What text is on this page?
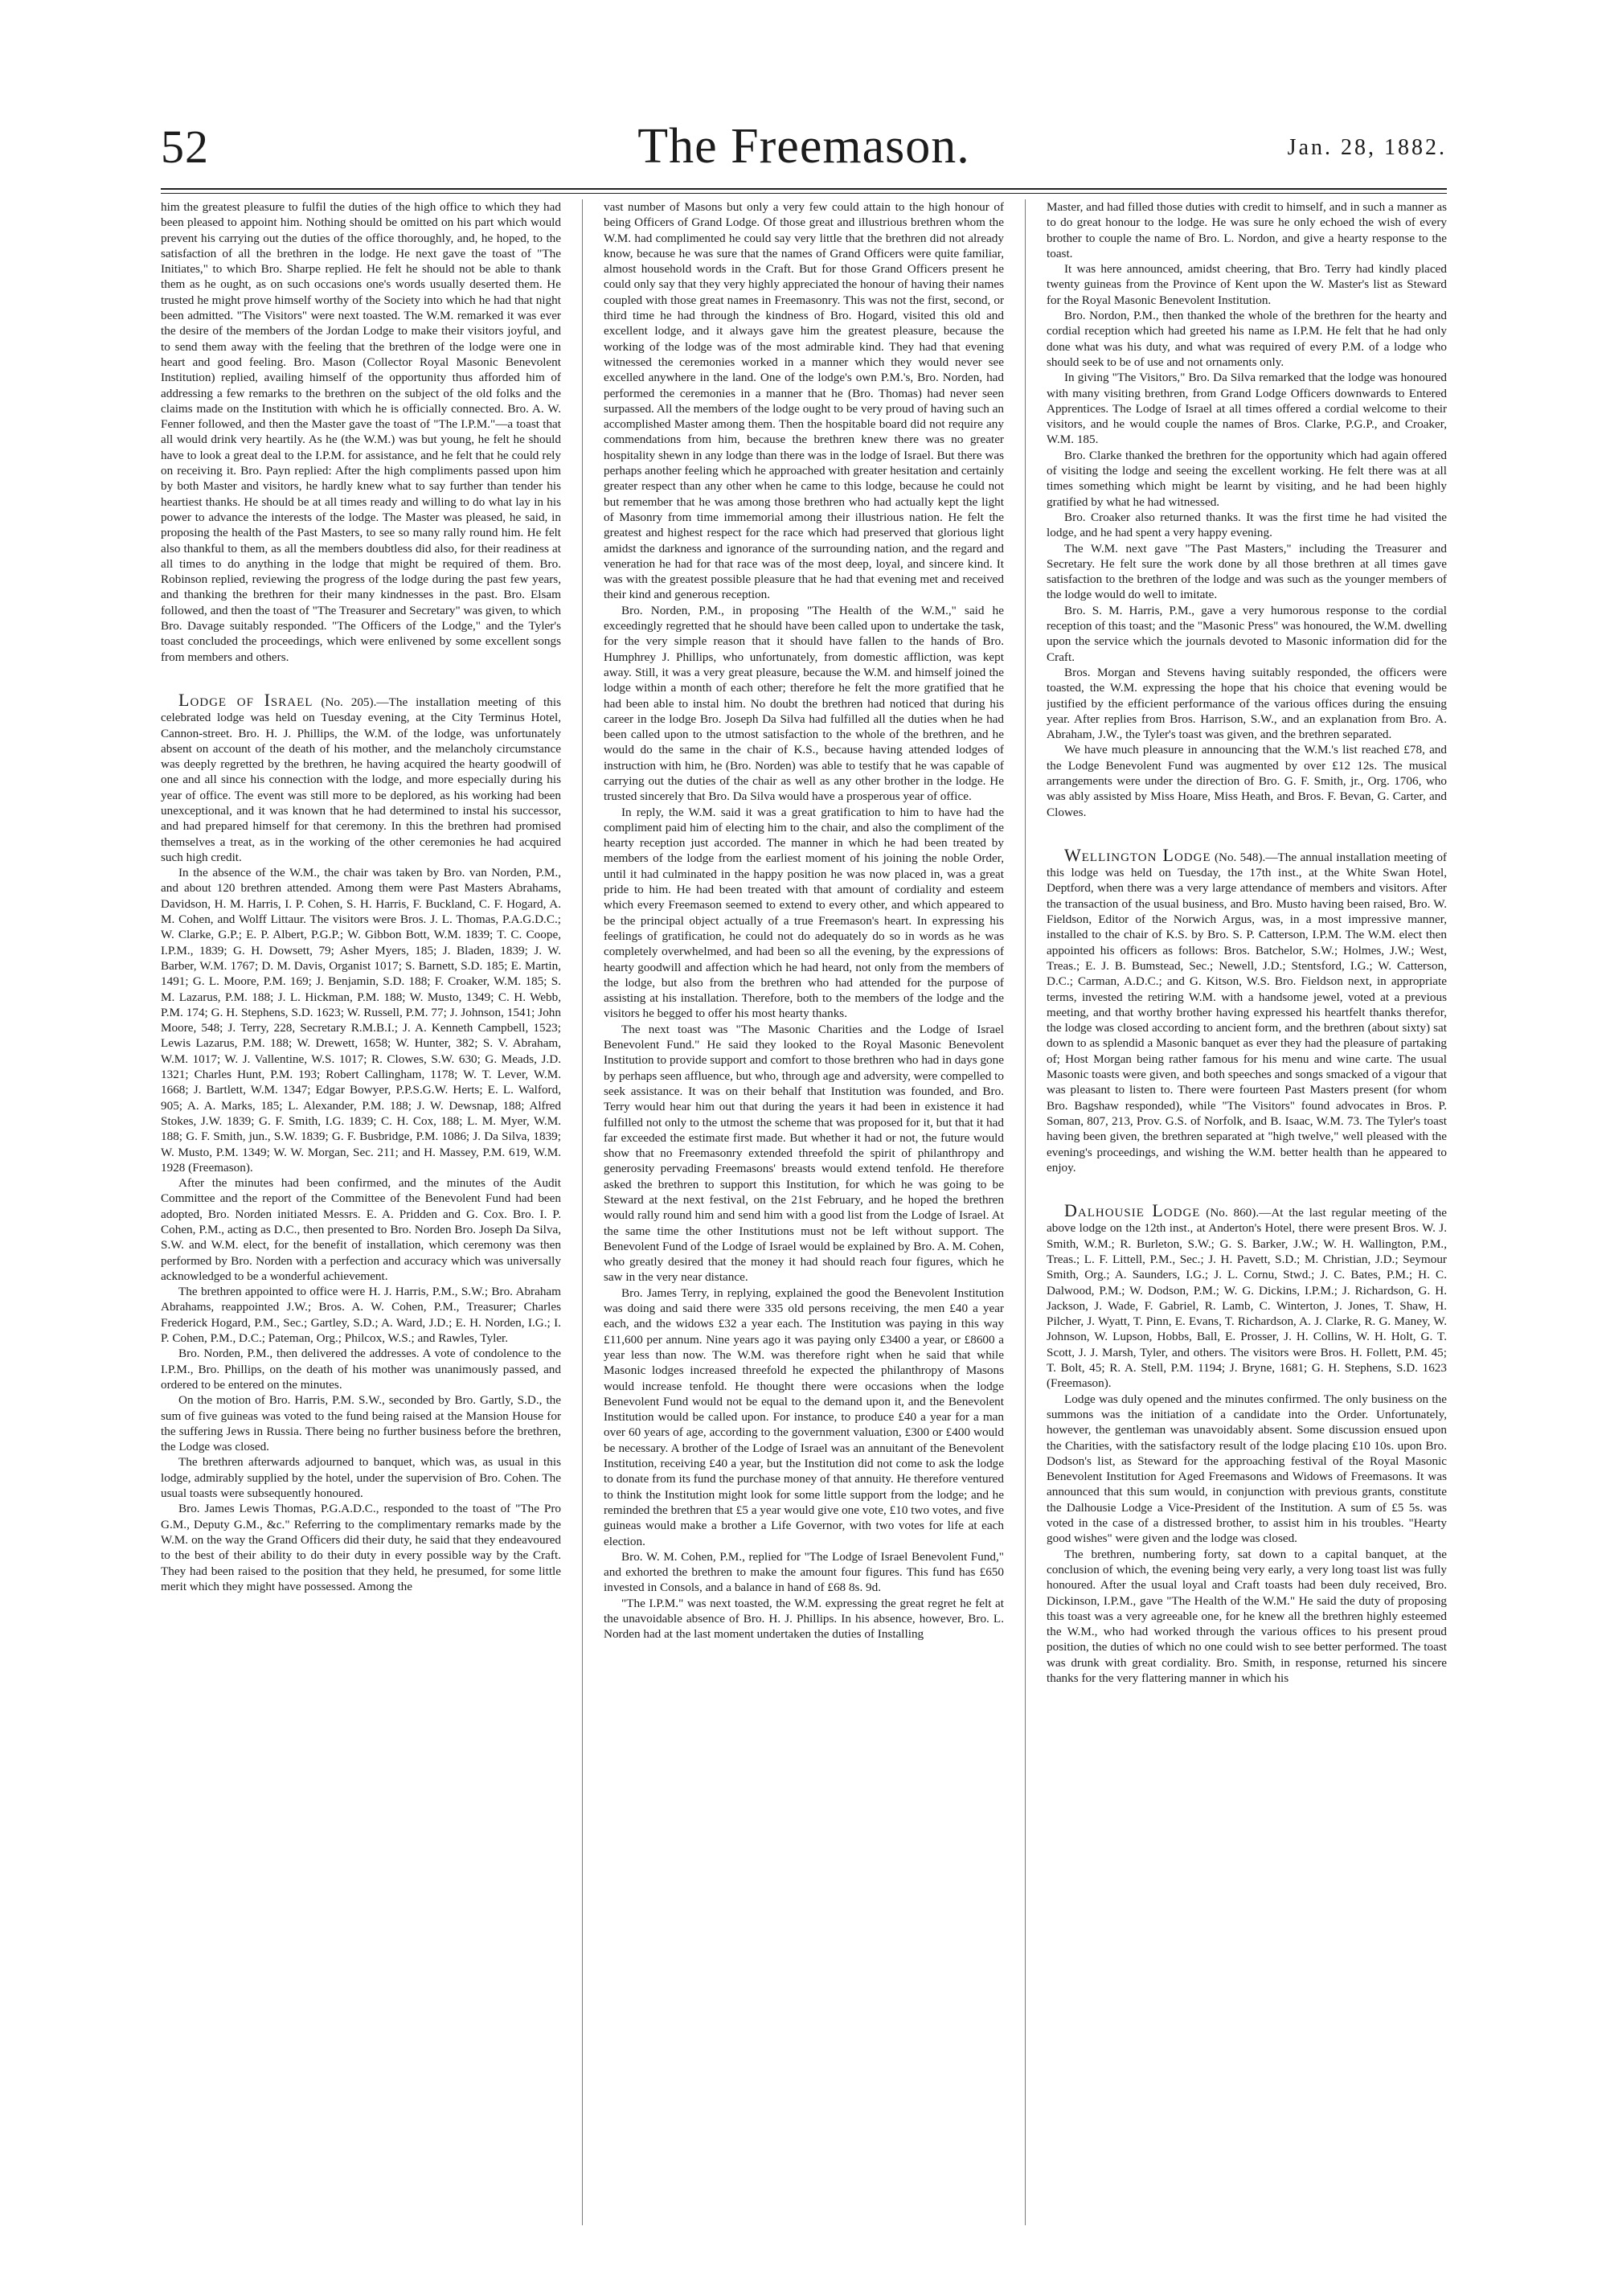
52	The Freemason.	Jan. 28, 1882.

him the greatest pleasure to fulfil the duties of the high office to which they had been pleased to appoint him. Nothing should be omitted on his part which would prevent his carrying out the duties of the office thoroughly, and, he hoped, to the satisfaction of all the brethren in the lodge. He next gave the toast of "The Initiates," to which Bro. Sharpe replied. He felt he should not be able to thank them as he ought, as on such occasions one's words usually deserted them. He trusted he might prove himself worthy of the Society into which he had that night been admitted. "The Visitors" were next toasted. The W.M. remarked it was ever the desire of the members of the Jordan Lodge to make their visitors joyful, and to send them away with the feeling that the brethren of the lodge were one in heart and good feeling. Bro. Mason (Collector Royal Masonic Benevolent Institution) replied, availing himself of the opportunity thus afforded him of addressing a few remarks to the brethren on the subject of the old folks and the claims made on the Institution with which he is officially connected. Bro. A. W. Fenner followed, and then the Master gave the toast of "The I.P.M."—a toast that all would drink very heartily. As he (the W.M.) was but young, he felt he should have to look a great deal to the I.P.M. for assistance, and he felt that he could rely on receiving it. Bro. Payn replied: After the high compliments passed upon him by both Master and visitors, he hardly knew what to say further than tender his heartiest thanks. He should be at all times ready and willing to do what lay in his power to advance the interests of the lodge. The Master was pleased, he said, in proposing the health of the Past Masters, to see so many rally round him. He felt also thankful to them, as all the members doubtless did also, for their readiness at all times to do anything in the lodge that might be required of them. Bro. Robinson replied, reviewing the progress of the lodge during the past few years, and thanking the brethren for their many kindnesses in the past. Bro. Elsam followed, and then the toast of "The Treasurer and Secretary" was given, to which Bro. Davage suitably responded. "The Officers of the Lodge," and the Tyler's toast concluded the proceedings, which were enlivened by some excellent songs from members and others.

Lodge of Israel (No. 205).—The installation meeting of this celebrated lodge was held on Tuesday evening, at the City Terminus Hotel, Cannon-street. Bro. H. J. Phillips, the W.M. of the lodge, was unfortunately absent on account of the death of his mother, and the melancholy circumstance was deeply regretted by the brethren, he having acquired the hearty goodwill of one and all since his connection with the lodge, and more especially during his year of office. The event was still more to be deplored, as his working had been unexceptional, and it was known that he had determined to instal his successor, and had prepared himself for that ceremony. In this the brethren had promised themselves a treat, as in the working of the other ceremonies he had acquired such high credit.

In the absence of the W.M., the chair was taken by Bro. van Norden, P.M., and about 120 brethren attended. Among them were Past Masters Abrahams, Davidson, H. M. Harris, I. P. Cohen, S. H. Harris, F. Buckland, C. F. Hogard, A. M. Cohen, and Wolff Littaur. The visitors were Bros. J. L. Thomas, P.A.G.D.C.; W. Clarke, G.P.; E. P. Albert, P.G.P.; W. Gibbon Bott, W.M. 1839; T. C. Coope, I.P.M., 1839; G. H. Dowsett, 79; Asher Myers, 185; J. Bladen, 1839; J. W. Barber, W.M. 1767; D. M. Davis, Organist 1017; S. Barnett, S.D. 185; E. Martin, 1491; G. L. Moore, P.M. 169; J. Benjamin, S.D. 188; F. Croaker, W.M. 185; S. M. Lazarus, P.M. 188; J. L. Hickman, P.M. 188; W. Musto, 1349; C. H. Webb, P.M. 174; G. H. Stephens, S.D. 1623; W. Russell, P.M. 77; J. Johnson, 1541; John Moore, 548; J. Terry, 228, Secretary R.M.B.I.; J. A. Kenneth Campbell, 1523; Lewis Lazarus, P.M. 188; W. Drewett, 1658; W. Hunter, 382; S. V. Abraham, W.M. 1017; W. J. Vallentine, W.S. 1017; R. Clowes, S.W. 630; G. Meads, J.D. 1321; Charles Hunt, P.M. 193; Robert Callingham, 1178; W. T. Lever, W.M. 1668; J. Bartlett, W.M. 1347; Edgar Bowyer, P.P.S.G.W. Herts; E. L. Walford, 905; A. A. Marks, 185; L. Alexander, P.M. 188; J. W. Dewsnap, 188; Alfred Stokes, J.W. 1839; G. F. Smith, I.G. 1839; C. H. Cox, 188; L. M. Myer, W.M. 188; G. F. Smith, jun., S.W. 1839; G. F. Busbridge, P.M. 1086; J. Da Silva, 1839; W. Musto, P.M. 1349; W. W. Morgan, Sec. 211; and H. Massey, P.M. 619, W.M. 1928 (Freemason).

After the minutes had been confirmed, and the minutes of the Audit Committee and the report of the Committee of the Benevolent Fund had been adopted, Bro. Norden initiated Messrs. E. A. Pridden and G. Cox. Bro. I. P. Cohen, P.M., acting as D.C., then presented to Bro. Norden Bro. Joseph Da Silva, S.W. and W.M. elect, for the benefit of installation, which ceremony was then performed by Bro. Norden with a perfection and accuracy which was universally acknowledged to be a wonderful achievement.

The brethren appointed to office were H. J. Harris, P.M., S.W.; Bro. Abraham Abrahams, reappointed J.W.; Bros. A. W. Cohen, P.M., Treasurer; Charles Frederick Hogard, P.M., Sec.; Gartley, S.D.; A. Ward, J.D.; E. H. Norden, I.G.; I. P. Cohen, P.M., D.C.; Pateman, Org.; Philcox, W.S.; and Rawles, Tyler.

Bro. Norden, P.M., then delivered the addresses. A vote of condolence to the I.P.M., Bro. Phillips, on the death of his mother was unanimously passed, and ordered to be entered on the minutes.

On the motion of Bro. Harris, P.M. S.W., seconded by Bro. Gartly, S.D., the sum of five guineas was voted to the fund being raised at the Mansion House for the suffering Jews in Russia. There being no further business before the brethren, the Lodge was closed.

The brethren afterwards adjourned to banquet, which was, as usual in this lodge, admirably supplied by the hotel, under the supervision of Bro. Cohen. The usual toasts were subsequently honoured.

Bro. James Lewis Thomas, P.G.A.D.C., responded to the toast of "The Pro G.M., Deputy G.M., &c." Referring to the complimentary remarks made by the W.M. on the way the Grand Officers did their duty, he said that they endeavoured to the best of their ability to do their duty in every possible way by the Craft. They had been raised to the position that they held, he presumed, for some little merit which they might have possessed. Among the

vast number of Masons but only a very few could attain to the high honour of being Officers of Grand Lodge. Of those great and illustrious brethren whom the W.M. had complimented he could say very little that the brethren did not already know, because he was sure that the names of Grand Officers were quite familiar, almost household words in the Craft. But for those Grand Officers present he could only say that they very highly appreciated the honour of having their names coupled with those great names in Freemasonry. This was not the first, second, or third time he had through the kindness of Bro. Hogard, visited this old and excellent lodge, and it always gave him the greatest pleasure, because the working of the lodge was of the most admirable kind. They had that evening witnessed the ceremonies worked in a manner which they would never see excelled anywhere in the land. One of the lodge's own P.M.'s, Bro. Norden, had performed the ceremonies in a manner that he (Bro. Thomas) had never seen surpassed. All the members of the lodge ought to be very proud of having such an accomplished Master among them. Then the hospitable board did not require any commendations from him, because the brethren knew there was no greater hospitality shewn in any lodge than there was in the lodge of Israel. But there was perhaps another feeling which he approached with greater hesitation and certainly greater respect than any other when he came to this lodge, because he could not but remember that he was among those brethren who had actually kept the light of Masonry from time immemorial among their illustrious nation. He felt the greatest and highest respect for the race which had preserved that glorious light amidst the darkness and ignorance of the surrounding nation, and the regard and veneration he had for that race was of the most deep, loyal, and sincere kind. It was with the greatest possible pleasure that he had that evening met and received their kind and generous reception.

Bro. Norden, P.M., in proposing "The Health of the W.M.," said he exceedingly regretted that he should have been called upon to undertake the task, for the very simple reason that it should have fallen to the hands of Bro. Humphrey J. Phillips, who unfortunately, from domestic affliction, was kept away. Still, it was a very great pleasure, because the W.M. and himself joined the lodge within a month of each other; therefore he felt the more gratified that he had been able to instal him. No doubt the brethren had noticed that during his career in the lodge Bro. Joseph Da Silva had fulfilled all the duties when he had been called upon to the utmost satisfaction to the whole of the brethren, and he would do the same in the chair of K.S., because having attended lodges of instruction with him, he (Bro. Norden) was able to testify that he was capable of carrying out the duties of the chair as well as any other brother in the lodge. He trusted sincerely that Bro. Da Silva would have a prosperous year of office.

In reply, the W.M. said it was a great gratification to him to have had the compliment paid him of electing him to the chair, and also the compliment of the hearty reception just accorded. The manner in which he had been treated by members of the lodge from the earliest moment of his joining the noble Order, until it had culminated in the happy position he was now placed in, was a great pride to him. He had been treated with that amount of cordiality and esteem which every Freemason seemed to extend to every other, and which appeared to be the principal object actually of a true Freemason's heart. In expressing his feelings of gratification, he could not do adequately do so in words as he was completely overwhelmed, and had been so all the evening, by the expressions of hearty goodwill and affection which he had heard, not only from the members of the lodge, but also from the brethren who had attended for the purpose of assisting at his installation. Therefore, both to the members of the lodge and the visitors he begged to offer his most hearty thanks.

The next toast was "The Masonic Charities and the Lodge of Israel Benevolent Fund." He said they looked to the Royal Masonic Benevolent Institution to provide support and comfort to those brethren who had in days gone by perhaps seen affluence, but who, through age and adversity, were compelled to seek assistance. It was on their behalf that Institution was founded, and Bro. Terry would hear him out that during the years it had been in existence it had fulfilled not only to the utmost the scheme that was proposed for it, but that it had far exceeded the estimate first made. But whether it had or not, the future would show that no Freemasonry extended threefold the spirit of philanthropy and generosity pervading Freemasons' breasts would extend tenfold. He therefore asked the brethren to support this Institution, for which he was going to be Steward at the next festival, on the 21st February, and he hoped the brethren would rally round him and send him with a good list from the Lodge of Israel. At the same time the other Institutions must not be left without support. The Benevolent Fund of the Lodge of Israel would be explained by Bro. A. M. Cohen, who greatly desired that the money it had should reach four figures, which he saw in the very near distance.

Bro. James Terry, in replying, explained the good the Benevolent Institution was doing and said there were 335 old persons receiving, the men £40 a year each, and the widows £32 a year each. The Institution was paying in this way £11,600 per annum. Nine years ago it was paying only £3400 a year, or £8600 a year less than now. The W.M. was therefore right when he said that while Masonic lodges increased threefold he expected the philanthropy of Masons would increase tenfold. He thought there were occasions when the lodge Benevolent Fund would not be equal to the demand upon it, and the Benevolent Institution would be called upon. For instance, to produce £40 a year for a man over 60 years of age, according to the government valuation, £300 or £400 would be necessary. A brother of the Lodge of Israel was an annuitant of the Benevolent Institution, receiving £40 a year, but the Institution did not come to ask the lodge to donate from its fund the purchase money of that annuity. He therefore ventured to think the Institution might look for some little support from the lodge; and he reminded the brethren that £5 a year would give one vote, £10 two votes, and five guineas would make a brother a Life Governor, with two votes for life at each election.

Bro. W. M. Cohen, P.M., replied for "The Lodge of Israel Benevolent Fund," and exhorted the brethren to make the amount four figures. This fund has £650 invested in Consols, and a balance in hand of £68 8s. 9d.

"The I.P.M." was next toasted, the W.M. expressing the great regret he felt at the unavoidable absence of Bro. H. J. Phillips. In his absence, however, Bro. L. Norden had at the last moment undertaken the duties of Installing

Master, and had filled those duties with credit to himself, and in such a manner as to do great honour to the lodge. He was sure he only echoed the wish of every brother to couple the name of Bro. L. Nordon, and give a hearty response to the toast.

It was here announced, amidst cheering, that Bro. Terry had kindly placed twenty guineas from the Province of Kent upon the W. Master's list as Steward for the Royal Masonic Benevolent Institution.

Bro. Nordon, P.M., then thanked the whole of the brethren for the hearty and cordial reception which had greeted his name as I.P.M. He felt that he had only done what was his duty, and what was required of every P.M. of a lodge who should seek to be of use and not ornaments only.

In giving "The Visitors," Bro. Da Silva remarked that the lodge was honoured with many visiting brethren, from Grand Lodge Officers downwards to Entered Apprentices. The Lodge of Israel at all times offered a cordial welcome to their visitors, and he would couple the names of Bros. Clarke, P.G.P., and Croaker, W.M. 185.

Bro. Clarke thanked the brethren for the opportunity which had again offered of visiting the lodge and seeing the excellent working. He felt there was at all times something which might be learnt by visiting, and he had been highly gratified by what he had witnessed.

Bro. Croaker also returned thanks. It was the first time he had visited the lodge, and he had spent a very happy evening.

The W.M. next gave "The Past Masters," including the Treasurer and Secretary. He felt sure the work done by all those brethren at all times gave satisfaction to the brethren of the lodge and was such as the younger members of the lodge would do well to imitate.

Bro. S. M. Harris, P.M., gave a very humorous response to the cordial reception of this toast; and the "Masonic Press" was honoured, the W.M. dwelling upon the service which the journals devoted to Masonic information did for the Craft.

Bros. Morgan and Stevens having suitably responded, the officers were toasted, the W.M. expressing the hope that his choice that evening would be justified by the efficient performance of the various offices during the ensuing year. After replies from Bros. Harrison, S.W., and an explanation from Bro. A. Abraham, J.W., the Tyler's toast was given, and the brethren separated.

We have much pleasure in announcing that the W.M.'s list reached £78, and the Lodge Benevolent Fund was augmented by over £12 12s. The musical arrangements were under the direction of Bro. G. F. Smith, jr., Org. 1706, who was ably assisted by Miss Hoare, Miss Heath, and Bros. F. Bevan, G. Carter, and Clowes.

Wellington Lodge (No. 548).—The annual installation meeting of this lodge was held on Tuesday, the 17th inst., at the White Swan Hotel, Deptford, when there was a very large attendance of members and visitors. After the transaction of the usual business, and Bro. Musto having been raised, Bro. W. Fieldson, Editor of the Norwich Argus, was, in a most impressive manner, installed to the chair of K.S. by Bro. S. P. Catterson, I.P.M. The W.M. elect then appointed his officers as follows: Bros. Batchelor, S.W.; Holmes, J.W.; West, Treas.; E. J. B. Bumstead, Sec.; Newell, J.D.; Stentsford, I.G.; W. Catterson, D.C.; Carman, A.D.C.; and G. Kitson, W.S. Bro. Fieldson next, in appropriate terms, invested the retiring W.M. with a handsome jewel, voted at a previous meeting, and that worthy brother having expressed his heartfelt thanks therefor, the lodge was closed according to ancient form, and the brethren (about sixty) sat down to as splendid a Masonic banquet as ever they had the pleasure of partaking of; Host Morgan being rather famous for his menu and wine carte. The usual Masonic toasts were given, and both speeches and songs smacked of a vigour that was pleasant to listen to. There were fourteen Past Masters present (for whom Bro. Bagshaw responded), while "The Visitors" found advocates in Bros. P. Soman, 807, 213, Prov. G.S. of Norfolk, and B. Isaac, W.M. 73. The Tyler's toast having been given, the brethren separated at "high twelve," well pleased with the evening's proceedings, and wishing the W.M. better health than he appeared to enjoy.

Dalhousie Lodge (No. 860).—At the last regular meeting of the above lodge on the 12th inst., at Anderton's Hotel, there were present Bros. W. J. Smith, W.M.; R. Burleton, S.W.; G. S. Barker, J.W.; W. H. Wallington, P.M., Treas.; L. F. Littell, P.M., Sec.; J. H. Pavett, S.D.; M. Christian, J.D.; Seymour Smith, Org.; A. Saunders, I.G.; J. L. Cornu, Stwd.; J. C. Bates, P.M.; H. C. Dalwood, P.M.; W. Dodson, P.M.; W. G. Dickins, I.P.M.; J. Richardson, G. H. Jackson, J. Wade, F. Gabriel, R. Lamb, C. Winterton, J. Jones, T. Shaw, H. Pilcher, J. Wyatt, T. Pinn, E. Evans, T. Richardson, A. J. Clarke, R. G. Maney, W. Johnson, W. Lupson, Hobbs, Ball, E. Prosser, J. H. Collins, W. H. Holt, G. T. Scott, J. J. Marsh, Tyler, and others. The visitors were Bros. H. Follett, P.M. 45; T. Bolt, 45; R. A. Stell, P.M. 1194; J. Bryne, 1681; G. H. Stephens, S.D. 1623 (Freemason).

Lodge was duly opened and the minutes confirmed. The only business on the summons was the initiation of a candidate into the Order. Unfortunately, however, the gentleman was unavoidably absent. Some discussion ensued upon the Charities, with the satisfactory result of the lodge placing £10 10s. upon Bro. Dodson's list, as Steward for the approaching festival of the Royal Masonic Benevolent Institution for Aged Freemasons and Widows of Freemasons. It was announced that this sum would, in conjunction with previous grants, constitute the Dalhousie Lodge a Vice-President of the Institution. A sum of £5 5s. was voted in the case of a distressed brother, to assist him in his troubles. "Hearty good wishes" were given and the lodge was closed.

The brethren, numbering forty, sat down to a capital banquet, at the conclusion of which, the evening being very early, a very long toast list was fully honoured. After the usual loyal and Craft toasts had been duly received, Bro. Dickinson, I.P.M., gave "The Health of the W.M." He said the duty of proposing this toast was a very agreeable one, for he knew all the brethren highly esteemed the W.M., who had worked through the various offices to his present proud position, the duties of which no one could wish to see better performed. The toast was drunk with great cordiality. Bro. Smith, in response, returned his sincere thanks for the very flattering manner in which his
